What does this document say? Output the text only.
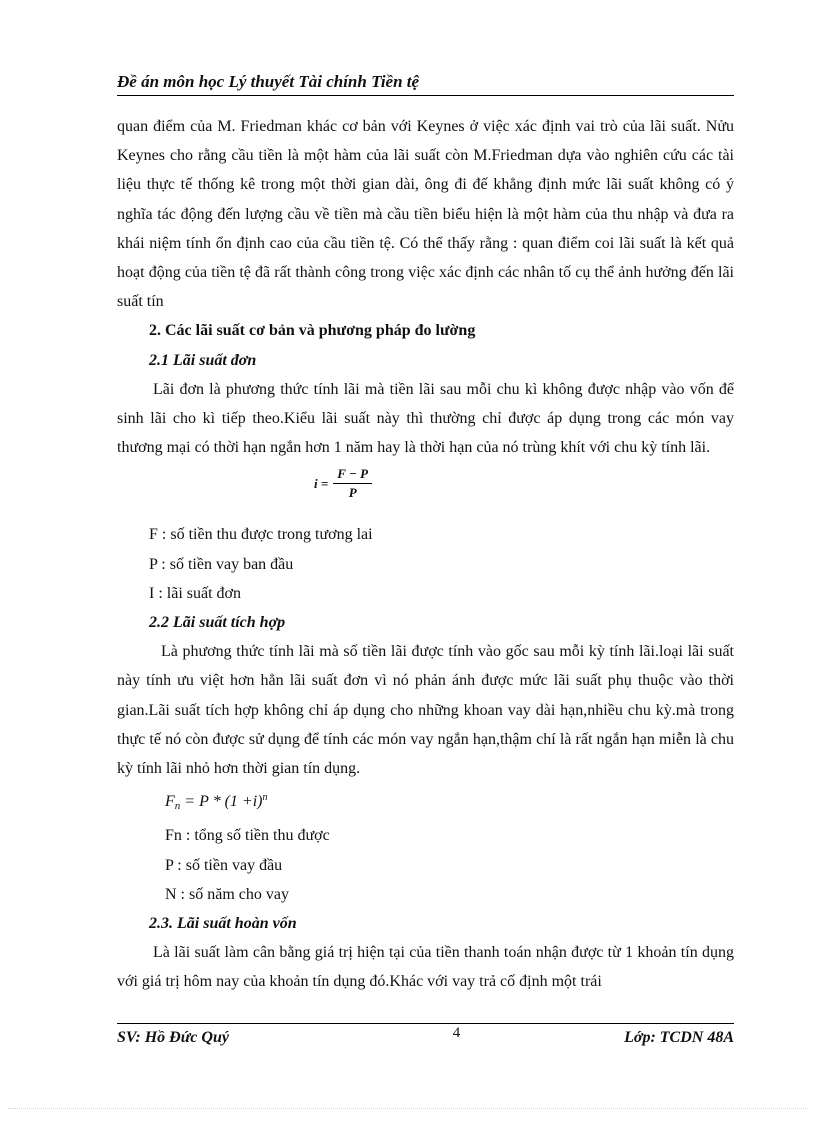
Đề án môn học Lý thuyết Tài chính Tiền tệ

quan điểm của M. Friedman khác cơ bản với Keynes ở việc xác định vai trò của lãi suất. Nửu Keynes cho rằng cầu tiền là một hàm của lãi suất còn M.Friedman dựa vào nghiên cứu các tài liệu thực tế thống kê trong một thời gian dài, ông đi đế khẳng định mức lãi suất không có ý nghĩa tác động đến lượng cầu về tiền mà cầu tiền biểu hiện là một hàm của thu nhập và đưa ra khái niệm tính ổn định cao của cầu tiền tệ. Có thể thấy rằng : quan điểm coi lãi suất là kết quả hoạt động của tiền tệ đã rất thành công trong việc xác định các nhân tố cụ thể ảnh hưởng đến lãi suất tín

2. Các lãi suất cơ bản và phương pháp đo lường

2.1 Lãi suất đơn

Lãi đơn là phương thức tính lãi mà tiền lãi sau mỗi chu kì không được nhập vào vốn để sinh lãi cho kì tiếp theo.Kiểu lãi suất này thì thường chỉ được áp dụng trong các món vay thương mại có thời hạn ngắn hơn 1 năm hay là thời hạn của nó trùng khít với chu kỳ tính lãi.

$i = \frac{F - P}{P}$

F : số tiền thu được trong tương lai

P : số tiền vay ban đầu

I : lãi suất đơn

2.2 Lãi suất tích hợp

Là phương thức tính lãi mà số tiền lãi được tính vào gốc sau mỗi kỳ tính lãi.loại lãi suất này tính ưu việt hơn hẳn lãi suất đơn vì nó phản ánh được mức lãi suất phụ thuộc vào thời gian.Lãi suất tích hợp không chỉ áp dụng cho những khoan vay dài hạn,nhiều chu kỳ.mà trong thực tế nó còn được sử dụng để tính các món vay ngắn hạn,thậm chí là rất ngắn hạn miễn là chu kỳ tính lãi nhỏ hơn thời gian tín dụng.

$F_n = P * (1 +i)^n$

Fn : tổng số tiền thu được

P : số tiền vay đầu

N : số năm cho vay

2.3. Lãi suất hoàn vốn

Là lãi suất làm cân bằng giá trị hiện tại của tiền thanh toán nhận được từ 1 khoản tín dụng với giá trị hôm nay của khoản tín dụng đó.Khác với vay trả cố định một trái

SV: Hồ Đức Quý	4	Lớp: TCDN 48A
